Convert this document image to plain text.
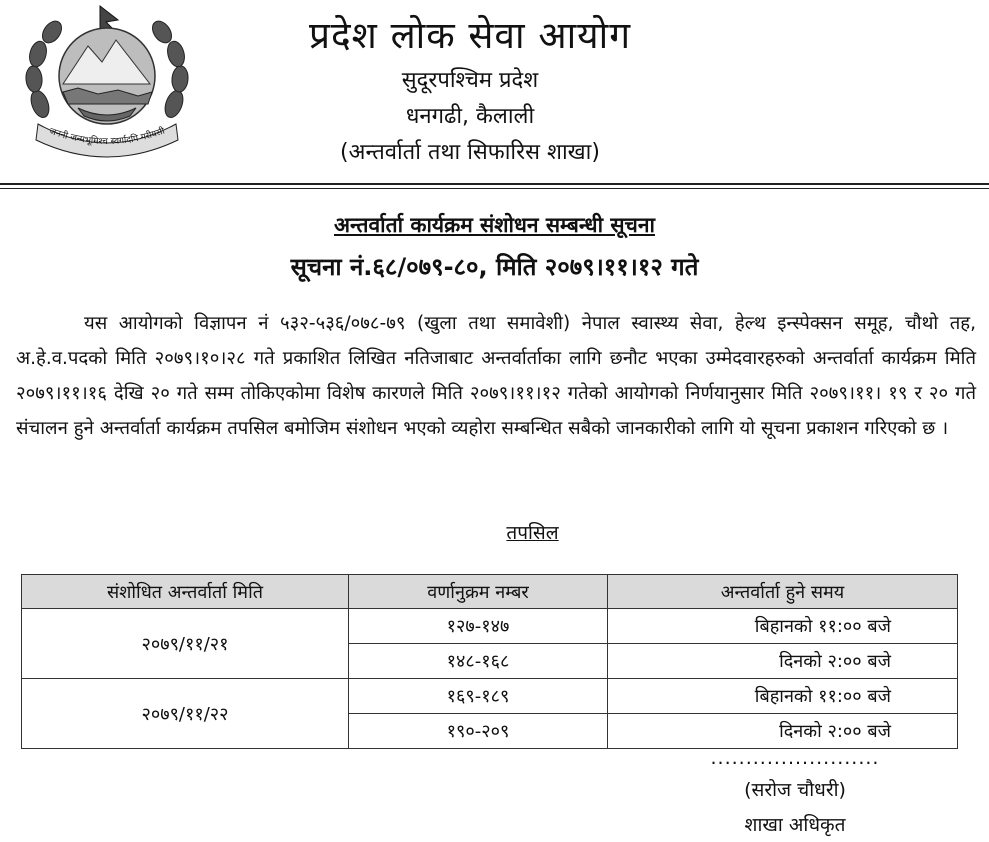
जननी जन्मभूमिश्च स्वर्गादपि गरीयसी
प्रदेश लोक सेवा आयोग
सुदूरपश्चिम प्रदेश
धनगढी, कैलाली
(अन्तर्वार्ता तथा सिफारिस शाखा)
अन्तर्वार्ता कार्यक्रम संशोधन सम्बन्धी सूचना
सूचना नं.६८/०७९-८०, मिति २०७९।११।१२ गते
यस आयोगको विज्ञापन नं ५३२-५३६/०७८-७९ (खुला तथा समावेशी) नेपाल स्वास्थ्य सेवा, हेल्थ इन्स्पेक्सन समूह, चौथो तह, अ.हे.व.पदको मिति २०७९।१०।२८ गते प्रकाशित लिखित नतिजाबाट अन्तर्वार्ताका लागि छनौट भएका उम्मेदवारहरुको अन्तर्वार्ता कार्यक्रम मिति २०७९।११।१६ देखि २० गते सम्म तोकिएकोमा विशेष कारणले मिति २०७९।११।१२ गतेको आयोगको निर्णयानुसार मिति २०७९।११। १९ र २० गते संचालन हुने अन्तर्वार्ता कार्यक्रम तपसिल बमोजिम संशोधन भएको व्यहोरा सम्बन्धित सबैको जानकारीको लागि यो सूचना प्रकाशन गरिएको छ ।
तपसिल
संशोधित अन्तर्वार्ता मिति	वर्णानुक्रम नम्बर	अन्तर्वार्ता हुने समय
२०७९/११/२१	१२७-१४७	बिहानको ११:०० बजे
	१४८-१६८	दिनको २:०० बजे
२०७९/११/२२	१६९-१८९	बिहानको ११:०० बजे
	१९०-२०९	दिनको २:०० बजे
........................
(सरोज चौधरी)
शाखा अधिकृत
